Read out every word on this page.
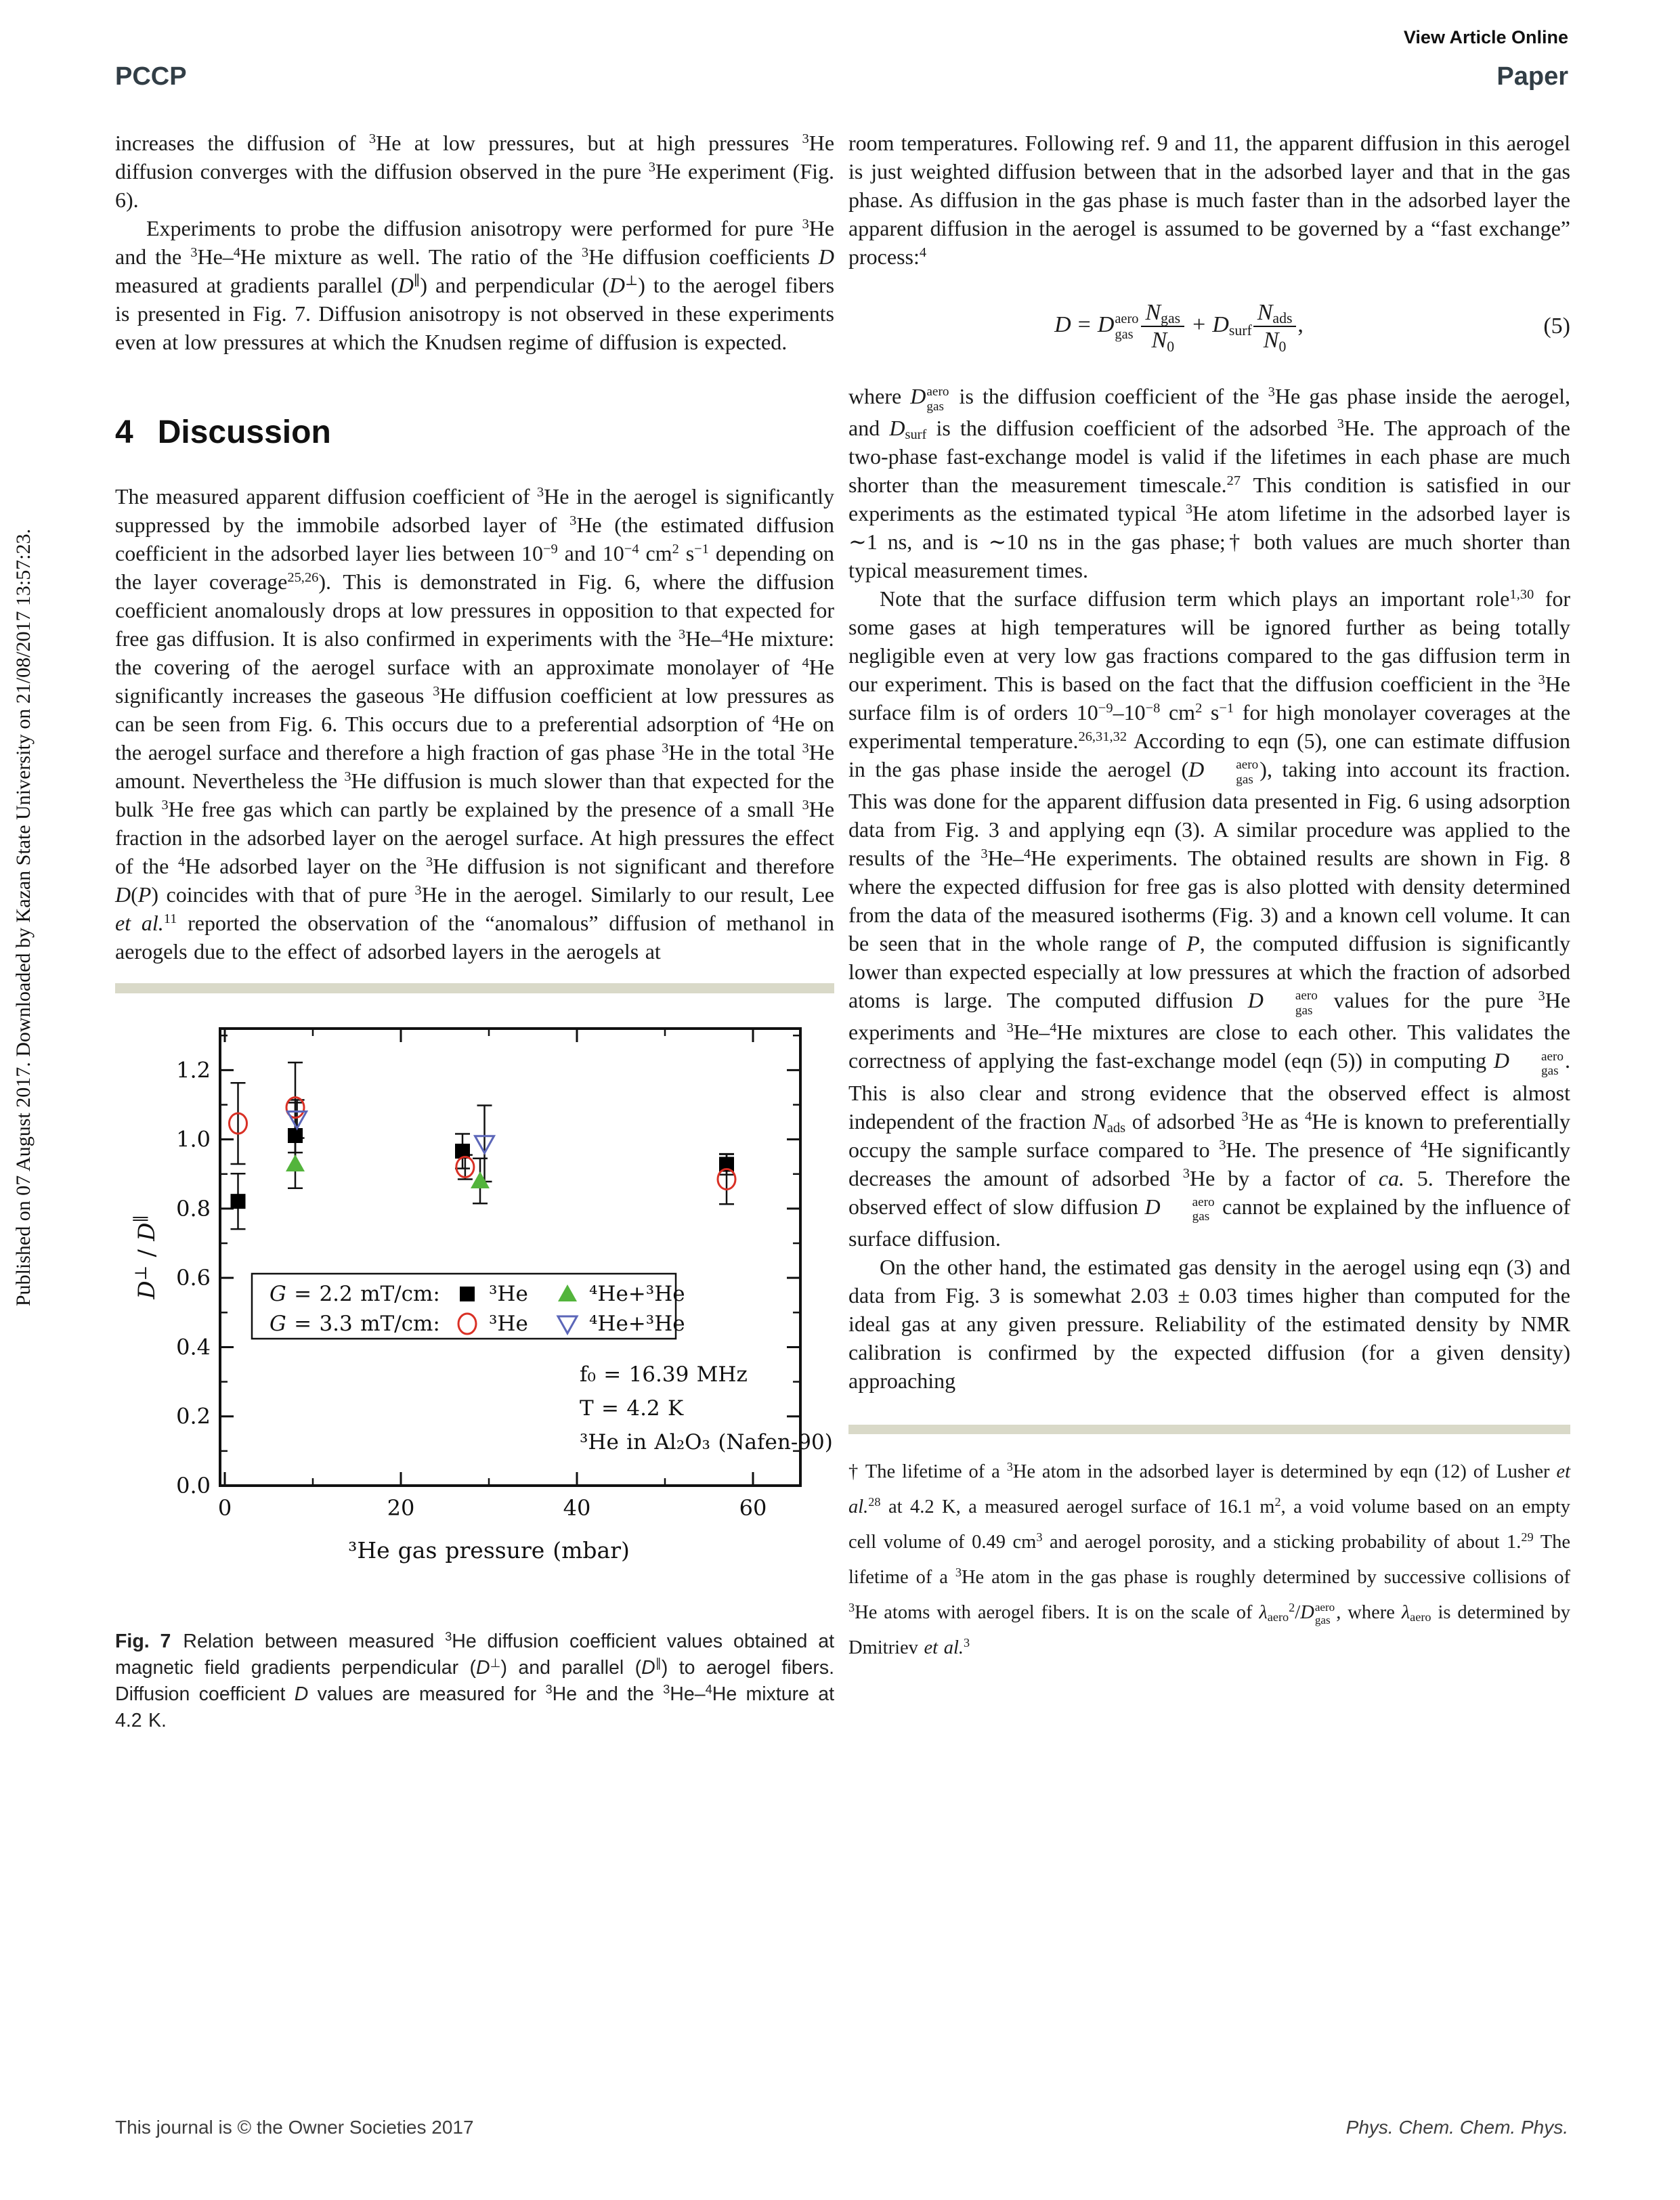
View Article Online
PCCP	Paper
Published on 07 August 2017. Downloaded by Kazan State University on 21/08/2017 13:57:23.

increases the diffusion of $^3$He at low pressures, but at high pressures $^3$He diffusion converges with the diffusion observed in the pure $^3$He experiment (Fig. 6).

Experiments to probe the diffusion anisotropy were performed for pure $^3$He and the $^3$He–$^4$He mixture as well. The ratio of the $^3$He diffusion coefficients D measured at gradients parallel (D∥) and perpendicular (D⊥) to the aerogel fibers is presented in Fig. 7. Diffusion anisotropy is not observed in these experiments even at low pressures at which the Knudsen regime of diffusion is expected.

4 Discussion

The measured apparent diffusion coefficient of $^3$He in the aerogel is significantly suppressed by the immobile adsorbed layer of $^3$He (the estimated diffusion coefficient in the adsorbed layer lies between $10^{-9}$ and $10^{-4}$ $cm^2$ $s^{-1}$ depending on the layer coverage$^{25,26}$). This is demonstrated in Fig. 6, where the diffusion coefficient anomalously drops at low pressures in opposition to that expected for free gas diffusion. It is also confirmed in experiments with the $^3$He–$^4$He mixture: the covering of the aerogel surface with an approximate monolayer of $^4$He significantly increases the gaseous $^3$He diffusion coefficient at low pressures as can be seen from Fig. 6. This occurs due to a preferential adsorption of $^4$He on the aerogel surface and therefore a high fraction of gas phase $^3$He in the total $^3$He amount. Nevertheless the $^3$He diffusion is much slower than that expected for the bulk $^3$He free gas which can partly be explained by the presence of a small $^3$He fraction in the adsorbed layer on the aerogel surface. At high pressures the effect of the $^4$He adsorbed layer on the $^3$He diffusion is not significant and therefore D(P) coincides with that of pure $^3$He in the aerogel. Similarly to our result, Lee et al.$^{11}$ reported the observation of the “anomalous” diffusion of methanol in aerogels due to the effect of adsorbed layers in the aerogels at

0	20	40	60
0.0
0.2
0.4
0.6
0.8
1.0
1.2
G = 2.2 mT/cm: ³He	⁴He+³He
G = 3.3 mT/cm: ³He	⁴He+³He
f₀ = 16.39 MHz
T = 4.2 K
³He in Al₂O₃ (Nafen-90)
³He gas pressure (mbar)
D⊥ / D∥
Fig. 7 Relation between measured $^3$He diffusion coefficient values obtained at magnetic field gradients perpendicular (D⊥) and parallel (D∥) to aerogel fibers. Diffusion coefficient D values are measured for $^3$He and the $^3$He–$^4$He mixture at 4.2 K.

room temperatures. Following ref. 9 and 11, the apparent diffusion in this aerogel is just weighted diffusion between that in the adsorbed layer and that in the gas phase. As diffusion in the gas phase is much faster than in the adsorbed layer the apparent diffusion in the aerogel is assumed to be governed by a “fast exchange” process:$^4$

D = D aero
gas $\frac{N_{gas}}{N_0} + D_{surf} \frac{N_{ads}}{N_0}$ ,	(5)

where D aero
gas is the diffusion coefficient of the $^3$He gas phase inside the aerogel, and $D_{surf}$ is the diffusion coefficient of the adsorbed $^3$He. The approach of the two-phase fast-exchange model is valid if the lifetimes in each phase are much shorter than the measurement timescale.$^{27}$ This condition is satisfied in our experiments as the estimated typical $^3$He atom lifetime in the adsorbed layer is ∼1 ns, and is ∼10 ns in the gas phase;† both values are much shorter than typical measurement times.

Note that the surface diffusion term which plays an important role$^{1,30}$ for some gases at high temperatures will be ignored further as being totally negligible even at very low gas fractions compared to the gas diffusion term in our experiment. This is based on the fact that the diffusion coefficient in the $^3$He surface film is of orders $10^{-9}-10^{-8}$ $cm^2$ $s^{-1}$ for high monolayer coverages at the experimental temperature.$^{26,31,32}$ According to eqn (5), one can estimate diffusion in the gas phase inside the aerogel (D	aero
gas ), taking into account its fraction. This was done for the apparent diffusion data presented in Fig. 6 using adsorption data from Fig. 3 and applying eqn (3). A similar procedure was applied to the results of the $^3$He–$^4$He experiments. The obtained results are shown in Fig. 8 where the expected diffusion for free gas is also plotted with density determined from the data of the measured isotherms (Fig. 3) and a known cell volume. It can be seen that in the whole range of P, the computed diffusion is significantly lower than expected especially at low pressures at which the fraction of adsorbed atoms is large. The computed diffusion D	aero
gas values for the pure $^3$He experiments and $^3$He–$^4$He mixtures are close to each other. This validates the correctness of applying the fast-exchange model (eqn (5)) in computing D	aero
gas . This is also clear and strong evidence that the observed effect is almost independent of the fraction $N_{ads}$ of adsorbed $^3$He as $^4$He is known to preferentially occupy the sample surface compared to $^3$He. The presence of $^4$He significantly decreases the amount of adsorbed $^3$He by a factor of ca. 5. Therefore the observed effect of slow diffusion D	aero
gas cannot be explained by the influence of surface diffusion.

On the other hand, the estimated gas density in the aerogel using eqn (3) and data from Fig. 3 is somewhat 2.03 ± 0.03 times higher than computed for the ideal gas at any given pressure. Reliability of the estimated density by NMR calibration is confirmed by the expected diffusion (for a given density) approaching

† The lifetime of a $^3$He atom in the adsorbed layer is determined by eqn (12) of Lusher et al.$^{28}$ at 4.2 K, a measured aerogel surface of 16.1 $m^2$, a void volume based on an empty cell volume of 0.49 $cm^3$ and aerogel porosity, and a sticking probability of about 1.29 The lifetime of a $^3$He atom in the gas phase is roughly determined by successive collisions of $^3$He atoms with aerogel fibers. It is on the scale of $\lambda_{aero}^2/D$ aero
gas , where $\lambda_{aero}$ is determined by Dmitriev et al.$^3$
This journal is © the Owner Societies 2017	Phys. Chem. Chem. Phys.
